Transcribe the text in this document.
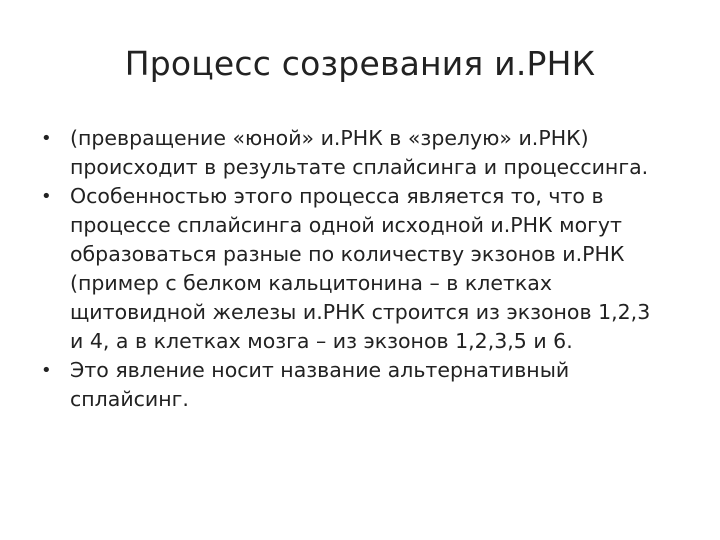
Процесс созревания и.РНК
• (превращение «юной» и.РНК в «зрелую» и.РНК)
происходит в результате сплайсинга и процессинга.
• Особенностью этого процесса являетcя то, что в
процессе сплайсинга одной исходной и.РНК могут
образоваться разные по количеству экзонов и.РНК
(пример с белком кальцитонина – в клетках
щитовидной железы и.РНК строится из экзонов 1,2,3
и 4, а в клетках мозга – из экзонов 1,2,3,5 и 6.
• Это явление носит название альтернативный
сплайсинг.
